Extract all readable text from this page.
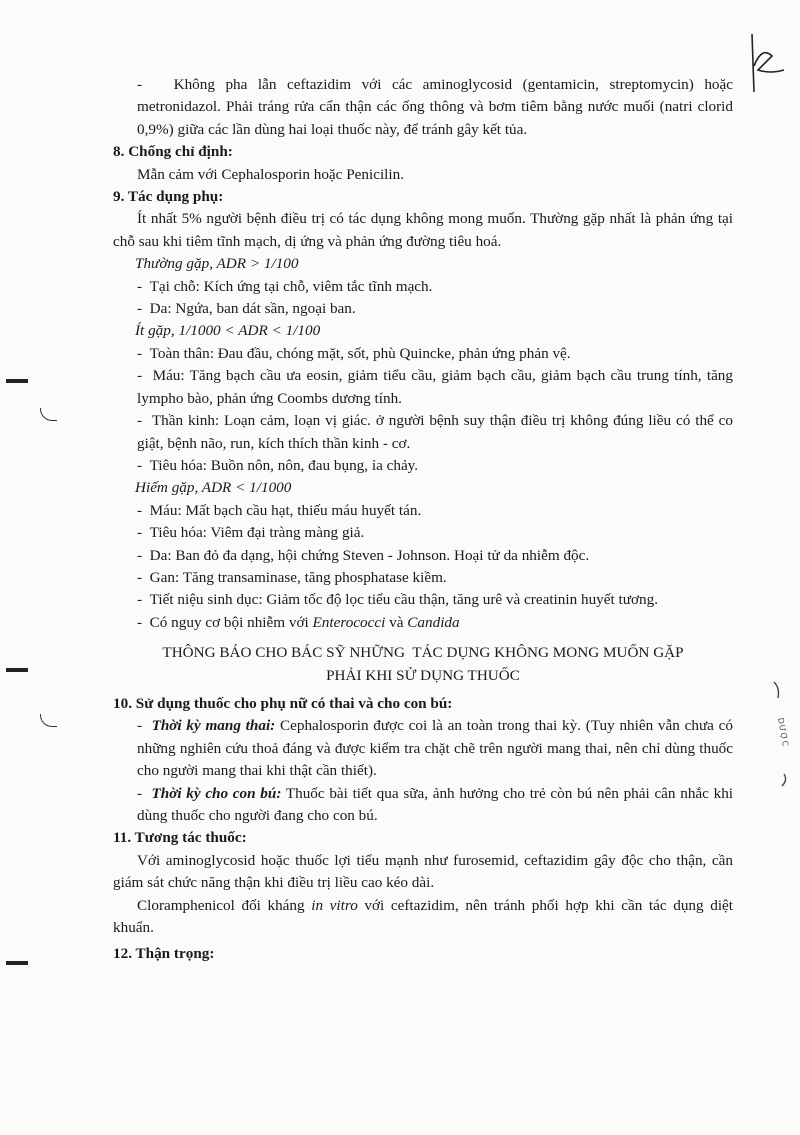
DƯỢC

- Không pha lẫn ceftazidim với các aminoglycosid (gentamicin, streptomycin) hoặc metronidazol. Phải tráng rửa cẩn thận các ống thông và bơm tiêm bằng nước muối (natri clorid 0,9%) giữa các lần dùng hai loại thuốc này, để tránh gây kết tủa.

8. Chống chỉ định:

Mẫn cảm với Cephalosporin hoặc Penicilin.

9. Tác dụng phụ:

Ít nhất 5% người bệnh điều trị có tác dụng không mong muốn. Thường gặp nhất là phản ứng tại chỗ sau khi tiêm tĩnh mạch, dị ứng và phản ứng đường tiêu hoá.

Thường gặp, ADR > 1/100

- Tại chỗ: Kích ứng tại chỗ, viêm tắc tĩnh mạch.

- Da: Ngứa, ban dát sần, ngoại ban.

Ít gặp, 1/1000 < ADR < 1/100

- Toàn thân: Đau đầu, chóng mặt, sốt, phù Quincke, phản ứng phản vệ.

- Máu: Tăng bạch cầu ưa eosin, giảm tiểu cầu, giảm bạch cầu, giảm bạch cầu trung tính, tăng lympho bào, phản ứng Coombs dương tính.

- Thần kinh: Loạn cảm, loạn vị giác. ở người bệnh suy thận điều trị không đúng liều có thể co giật, bệnh não, run, kích thích thần kinh - cơ.

- Tiêu hóa: Buồn nôn, nôn, đau bụng, ỉa chảy.

Hiếm gặp, ADR < 1/1000

- Máu: Mất bạch cầu hạt, thiếu máu huyết tán.

- Tiêu hóa: Viêm đại tràng màng giả.

- Da: Ban đỏ đa dạng, hội chứng Steven - Johnson. Hoại tử da nhiễm độc.

- Gan: Tăng transaminase, tăng phosphatase kiềm.

- Tiết niệu sinh dục: Giảm tốc độ lọc tiểu cầu thận, tăng urê và creatinin huyết tương.

- Có nguy cơ bội nhiễm với Enterococci và Candida

THÔNG BÁO CHO BÁC SỸ NHỮNG  TÁC DỤNG KHÔNG MONG MUỐN GẶP
PHẢI KHI SỬ DỤNG THUỐC

10. Sử dụng thuốc cho phụ nữ có thai và cho con bú:

- Thời kỳ mang thai: Cephalosporin được coi là an toàn trong thai kỳ. (Tuy nhiên vẫn chưa có những nghiên cứu thoả đáng và được kiểm tra chặt chẽ trên người mang thai, nên chỉ dùng thuốc cho người mang thai khi thật cần thiết).

- Thời kỳ cho con bú: Thuốc bài tiết qua sữa, ảnh hưởng cho trẻ còn bú nên phải cân nhắc khi dùng thuốc cho người đang cho con bú.

11. Tương tác thuốc:

Với aminoglycosid hoặc thuốc lợi tiểu mạnh như furosemid, ceftazidim gây độc cho thận, cần giám sát chức năng thận khi điều trị liều cao kéo dài.

Cloramphenicol đối kháng in vitro với ceftazidim, nên tránh phối hợp khi cần tác dụng diệt khuẩn.

12. Thận trọng:
